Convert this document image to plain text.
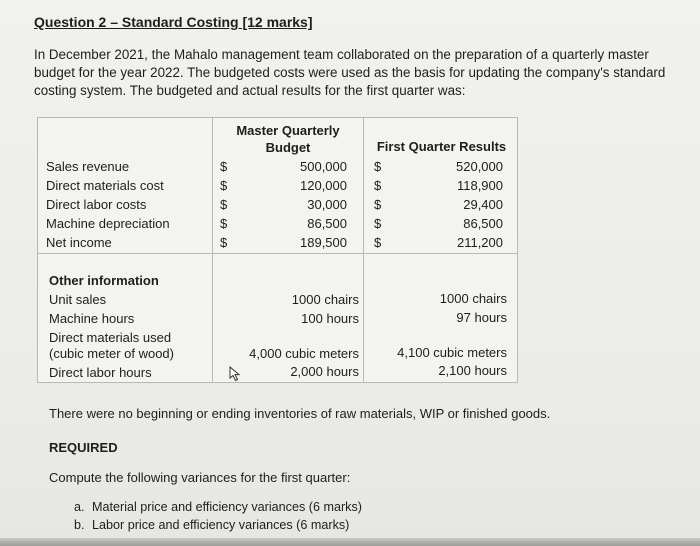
Question 2 – Standard Costing [12 marks]

In December 2021, the Mahalo management team collaborated on the preparation of a quarterly master

budget for the year 2022. The budgeted costs were used as the basis for updating the company's standard

costing system. The budgeted and actual results for the first quarter was:

Master Quarterly
Budget	First Quarter Results
Sales revenue
Direct materials cost
Direct labor costs
Machine depreciation
Net income
$
$
$
$
$
500,000
120,000
30,000
86,500
189,500
$
$
$
$
$
520,000
118,900
29,400
86,500
211,200
Other information
Unit sales
Machine hours
Direct materials used
(cubic meter of wood)
Direct labor hours
1000 chairs
100 hours
4,000 cubic meters
2,000 hours
1000 chairs
97 hours
4,100 cubic meters
2,100 hours
There were no beginning or ending inventories of raw materials, WIP or finished goods.
REQUIRED
Compute the following variances for the first quarter:
a. Material price and efficiency variances (6 marks)
b. Labor price and efficiency variances (6 marks)
